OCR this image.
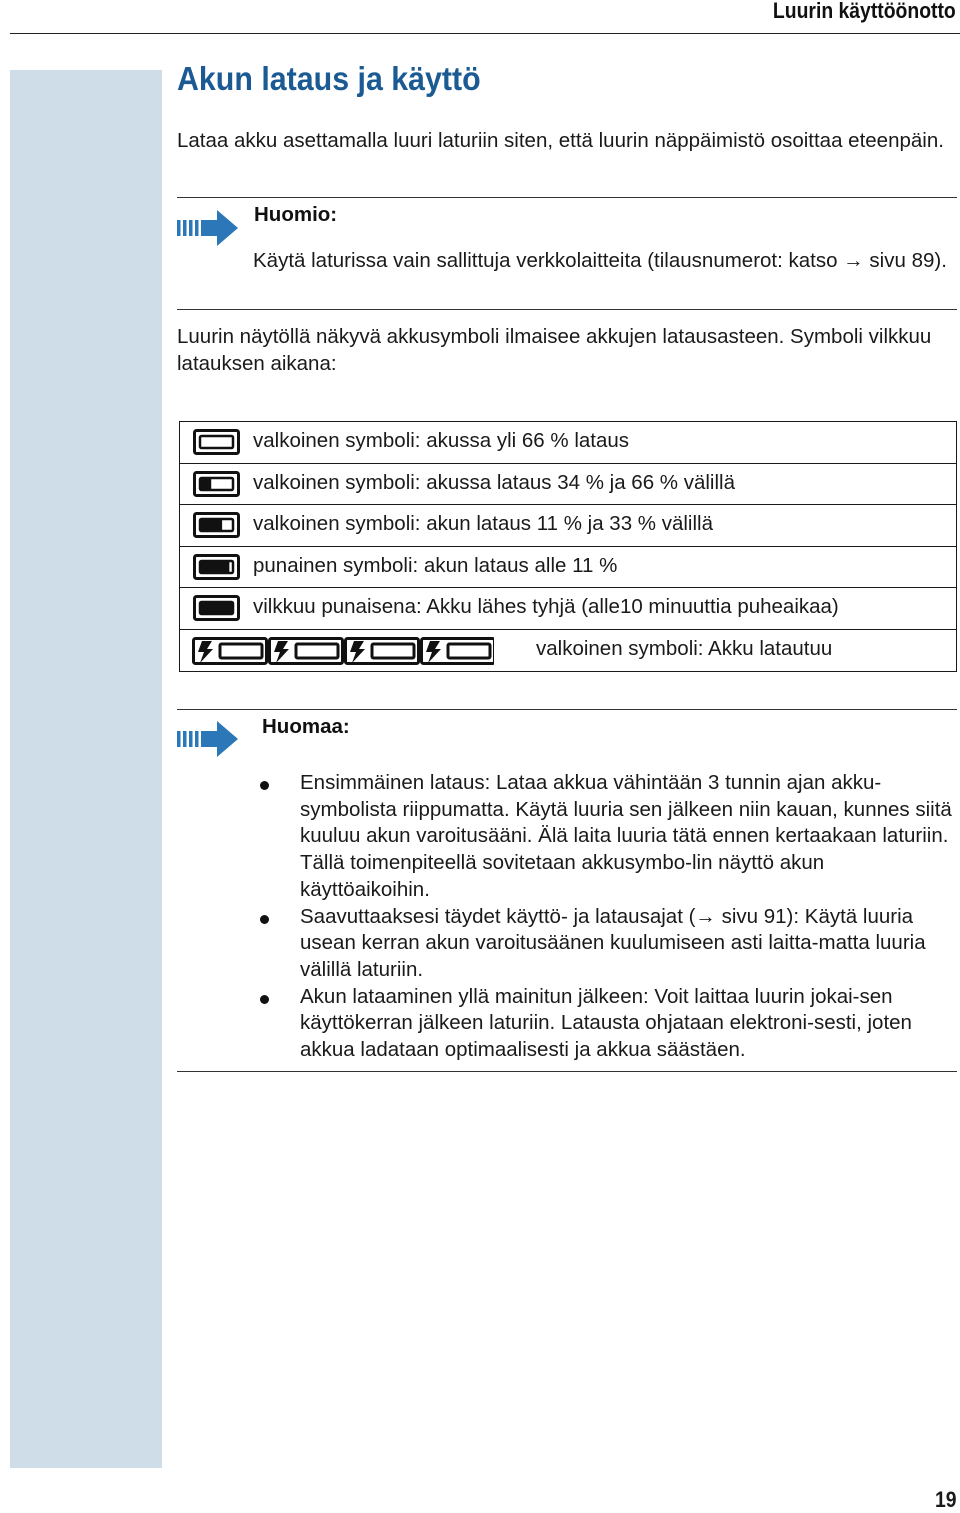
Luurin käyttöönotto
Akun lataus ja käyttö
Lataa akku asettamalla luuri laturiin siten, että luurin näppäimistö osoittaa eteenpäin.
Huomio:
Käytä laturissa vain sallittuja verkkolaitteita (tilausnumerot: katso → sivu 89).
Luurin näytöllä näkyvä akkusymboli ilmaisee akkujen latausasteen. Symboli vilkkuu latauksen aikana:
valkoinen symboli: akussa yli 66 % lataus
valkoinen symboli: akussa lataus 34 % ja 66 % välillä
valkoinen symboli: akun lataus 11 % ja 33 % välillä
punainen symboli: akun lataus alle 11 %
vilkkuu punaisena: Akku lähes tyhjä (alle10 minuuttia puheaikaa)
valkoinen symboli: Akku latautuu
Huomaa:
Ensimmäinen lataus: Lataa akkua vähintään 3 tunnin ajan akku-symbolista riippumatta. Käytä luuria sen jälkeen niin kauan, kunnes siitä kuuluu akun varoitusääni. Älä laita luuria tätä ennen kertaakaan laturiin. Tällä toimenpiteellä sovitetaan akkusymbo-lin näyttö akun käyttöaikoihin.
Saavuttaaksesi täydet käyttö- ja latausajat (→ sivu 91): Käytä luuria usean kerran akun varoitusäänen kuulumiseen asti laitta-matta luuria välillä laturiin.
Akun lataaminen yllä mainitun jälkeen: Voit laittaa luurin jokai-sen käyttökerran jälkeen laturiin. Latausta ohjataan elektroni-sesti, joten akkua ladataan optimaalisesti ja akkua säästäen.
19
